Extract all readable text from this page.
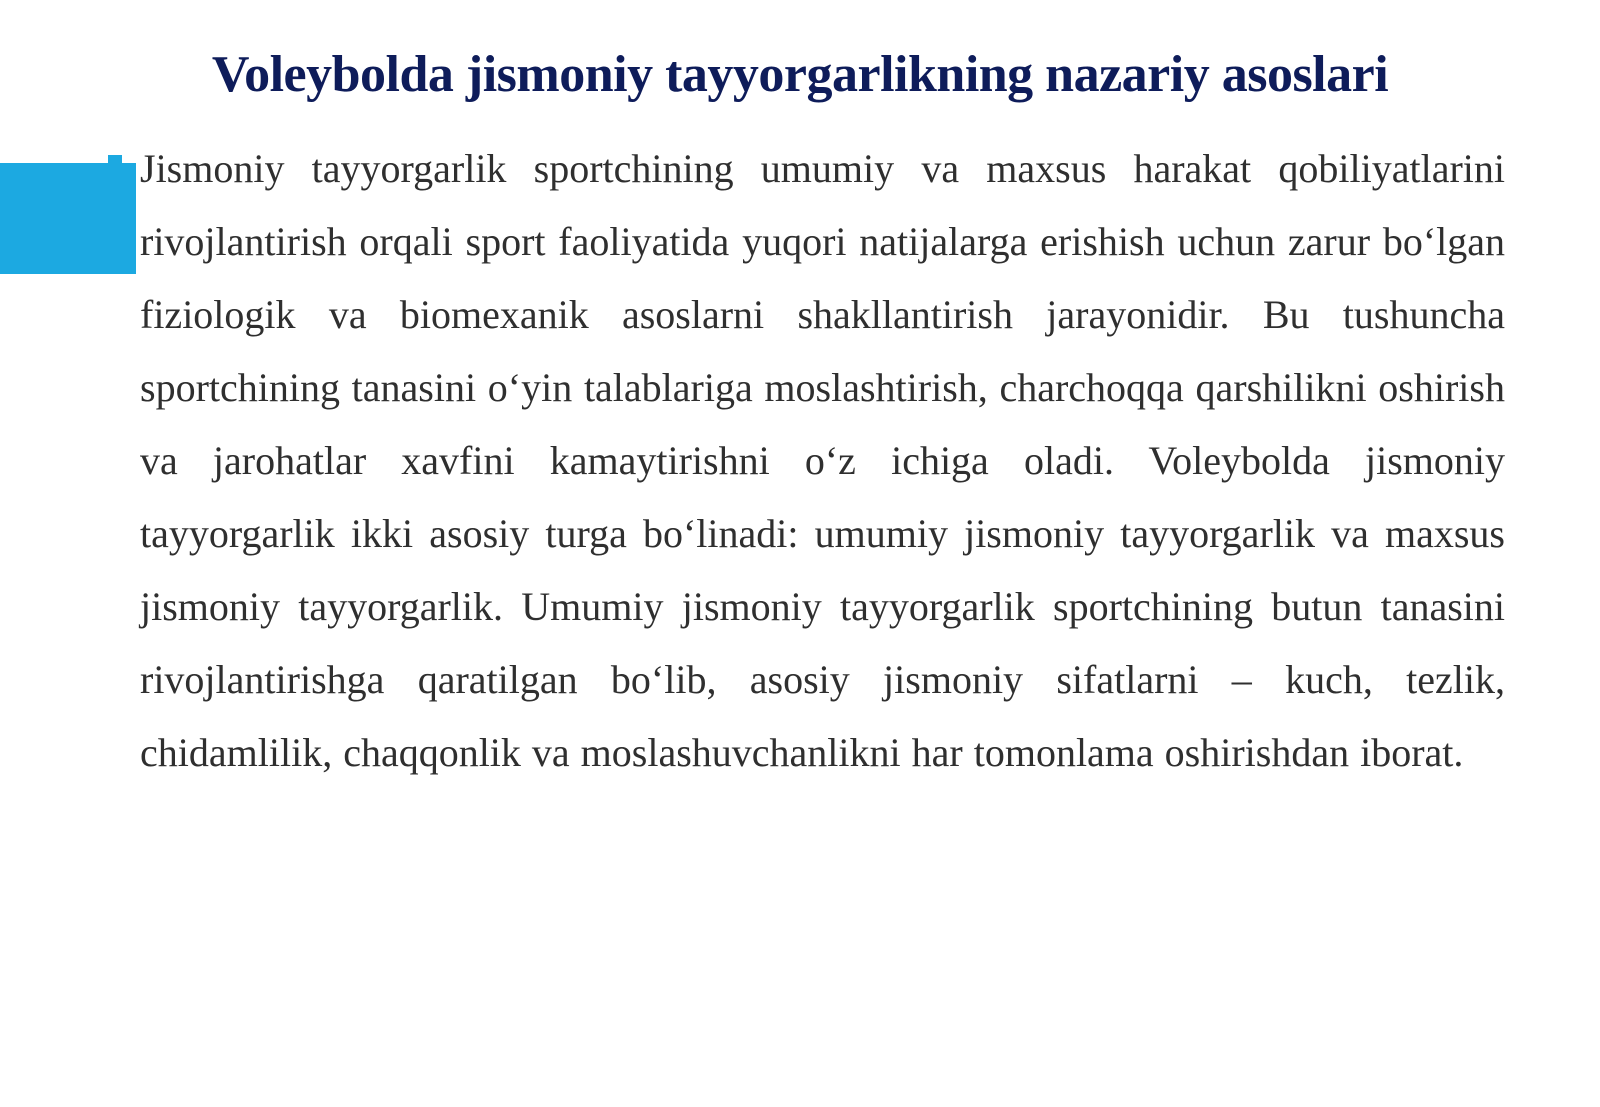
Voleybolda jismoniy tayyorgarlikning nazariy asoslari

Jismoniy tayyorgarlik sportchining umumiy va maxsus harakat qobiliyatlarini rivojlantirish orqali sport faoliyatida yuqori natijalarga erishish uchun zarur bo‘lgan fiziologik va biomexanik asoslarni shakllantirish jarayonidir. Bu tushuncha sportchining tanasini o‘yin talablariga moslashtirish, charchoqqa qarshilikni oshirish va jarohatlar xavfini kamaytirishni o‘z ichiga oladi. Voleybolda jismoniy tayyorgarlik ikki asosiy turga bo‘linadi: umumiy jismoniy tayyorgarlik va maxsus jismoniy tayyorgarlik. Umumiy jismoniy tayyorgarlik sportchining butun tanasini rivojlantirishga qaratilgan bo‘lib, asosiy jismoniy sifatlarni – kuch, tezlik, chidamlilik, chaqqonlik va moslashuvchanlikni har tomonlama oshirishdan iborat.
